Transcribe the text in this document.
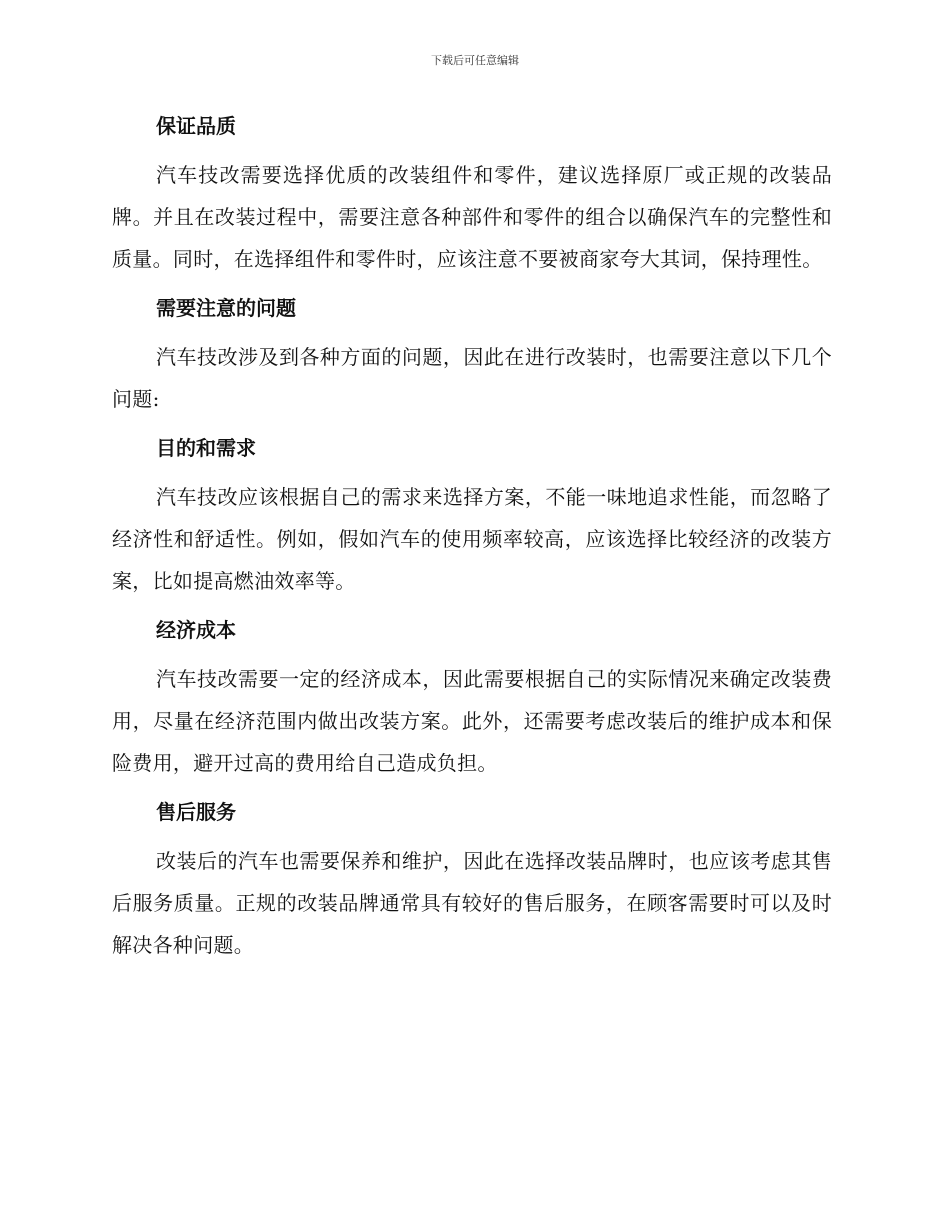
下载后可任意编辑
保证品质

汽车技改需要选择优质的改装组件和零件，建议选择原厂或正规的改装品牌。并且在改装过程中，需要注意各种部件和零件的组合以确保汽车的完整性和质量。同时，在选择组件和零件时，应该注意不要被商家夸大其词，保持理性。

需要注意的问题

汽车技改涉及到各种方面的问题，因此在进行改装时，也需要注意以下几个问题:

目的和需求

汽车技改应该根据自己的需求来选择方案，不能一味地追求性能，而忽略了经济性和舒适性。例如，假如汽车的使用频率较高，应该选择比较经济的改装方案，比如提高燃油效率等。

经济成本

汽车技改需要一定的经济成本，因此需要根据自己的实际情况来确定改装费用，尽量在经济范围内做出改装方案。此外，还需要考虑改装后的维护成本和保险费用，避开过高的费用给自己造成负担。

售后服务

改装后的汽车也需要保养和维护，因此在选择改装品牌时，也应该考虑其售后服务质量。正规的改装品牌通常具有较好的售后服务，在顾客需要时可以及时解决各种问题。
